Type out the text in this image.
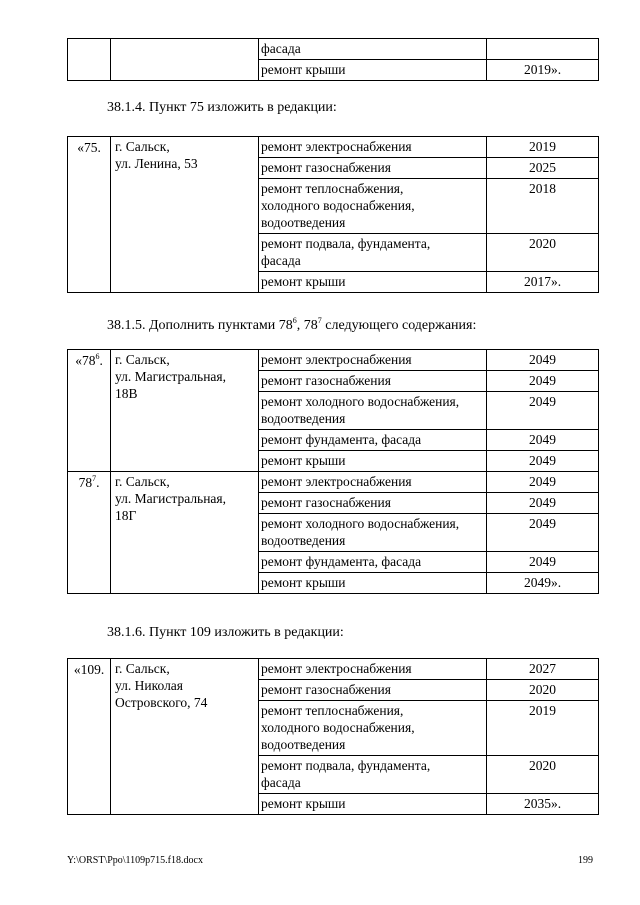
		фасада	
		ремонт крыши	2019».
38.1.4. Пункт 75 изложить в редакции:
«75.	г. Сальск,
ул. Ленина, 53	ремонт электроснабжения	2019
		ремонт газоснабжения	2025
		ремонт теплоснабжения,
холодного водоснабжения,
водоотведения	2018
		ремонт подвала, фундамента,
фасада	2020
		ремонт крыши	2017».
38.1.5. Дополнить пунктами $78^6$, $78^7$ следующего содержания:
«$78^6$.	г. Сальск,
ул. Магистральная,
18В	ремонт электроснабжения	2049
		ремонт газоснабжения	2049
		ремонт холодного водоснабжения,
водоотведения	2049
		ремонт фундамента, фасада	2049
		ремонт крыши	2049
$78^7$.	г. Сальск,
ул. Магистральная,
18Г	ремонт электроснабжения	2049
		ремонт газоснабжения	2049
		ремонт холодного водоснабжения,
водоотведения	2049
		ремонт фундамента, фасада	2049
		ремонт крыши	2049».
38.1.6. Пункт 109 изложить в редакции:
«109.	г. Сальск,
ул. Николая
Островского, 74	ремонт электроснабжения	2027
		ремонт газоснабжения	2020
		ремонт теплоснабжения,
холодного водоснабжения,
водоотведения	2019
		ремонт подвала, фундамента,
фасада	2020
		ремонт крыши	2035».
Y:\ORST\Ppo\1109p715.f18.docx	199
